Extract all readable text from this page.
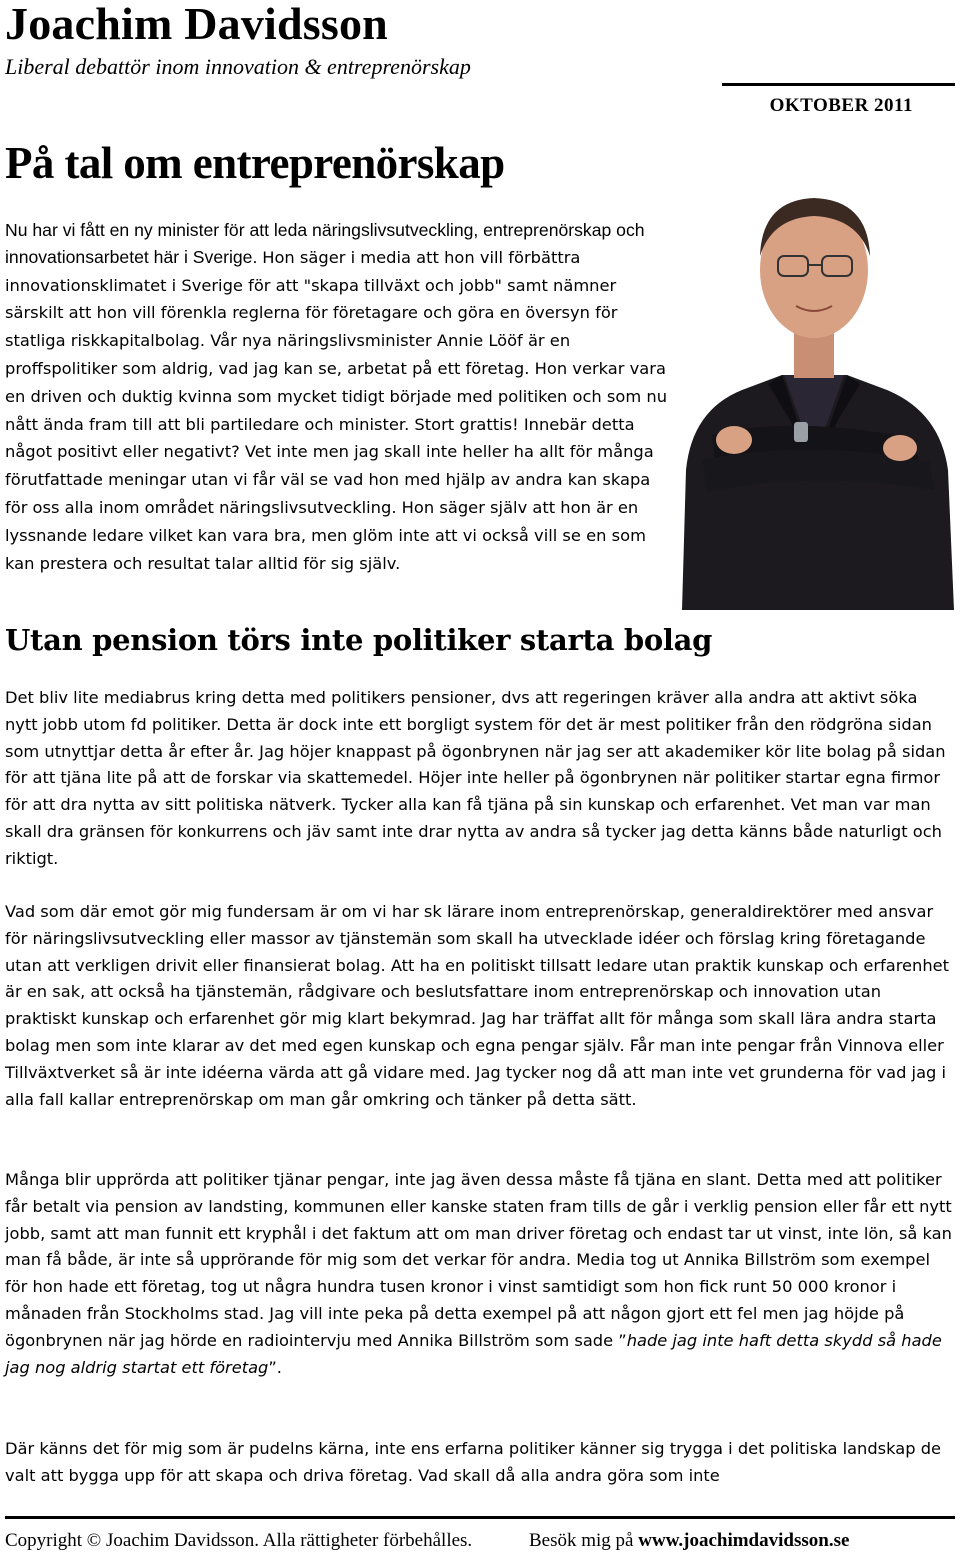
Joachim Davidsson
Liberal debattör inom innovation & entreprenörskap
OKTOBER 2011
På tal om entreprenörskap
Nu har vi fått en ny minister för att leda näringslivsutveckling, entreprenörskap och innovationsarbetet här i Sverige. Hon säger i media att hon vill förbättra innovationsklimatet i Sverige för att "skapa tillväxt och jobb" samt nämner särskilt att hon vill förenkla reglerna för företagare och göra en översyn för statliga riskkapitalbolag. Vår nya näringslivsminister Annie Lööf är en proffspolitiker som aldrig, vad jag kan se, arbetat på ett företag. Hon verkar vara en driven och duktig kvinna som mycket tidigt började med politiken och som nu nått ända fram till att bli partiledare och minister. Stort grattis! Innebär detta något positivt eller negativt? Vet inte men jag skall inte heller ha allt för många förutfattade meningar utan vi får väl se vad hon med hjälp av andra kan skapa för oss alla inom området näringslivsutveckling. Hon säger själv att hon är en lyssnande ledare vilket kan vara bra, men glöm inte att vi också vill se en som kan prestera och resultat talar alltid för sig själv.
Utan pension törs inte politiker starta bolag

Det bliv lite mediabrus kring detta med politikers pensioner, dvs att regeringen kräver alla andra att aktivt söka nytt jobb utom fd politiker. Detta är dock inte ett borgligt system för det är mest politiker från den rödgröna sidan som utnyttjar detta år efter år. Jag höjer knappast på ögonbrynen när jag ser att akademiker kör lite bolag på sidan för att tjäna lite på att de forskar via skattemedel. Höjer inte heller på ögonbrynen när politiker startar egna firmor för att dra nytta av sitt politiska nätverk. Tycker alla kan få tjäna på sin kunskap och erfarenhet. Vet man var man skall dra gränsen för konkurrens och jäv samt inte drar nytta av andra så tycker jag detta känns både naturligt och riktigt.

Vad som där emot gör mig fundersam är om vi har sk lärare inom entreprenörskap, generaldirektörer med ansvar för näringslivsutveckling eller massor av tjänstemän som skall ha utvecklade idéer och förslag kring företagande utan att verkligen drivit eller finansierat bolag. Att ha en politiskt tillsatt ledare utan praktik kunskap och erfarenhet är en sak, att också ha tjänstemän, rådgivare och beslutsfattare inom entreprenörskap och innovation utan praktiskt kunskap och erfarenhet gör mig klart bekymrad. Jag har träffat allt för många som skall lära andra starta bolag men som inte klarar av det med egen kunskap och egna pengar själv. Får man inte pengar från Vinnova eller Tillväxtverket så är inte idéerna värda att gå vidare med. Jag tycker nog då att man inte vet grunderna för vad jag i alla fall kallar entreprenörskap om man går omkring och tänker på detta sätt.

Många blir upprörda att politiker tjänar pengar, inte jag även dessa måste få tjäna en slant. Detta med att politiker får betalt via pension av landsting, kommunen eller kanske staten fram tills de går i verklig pension eller får ett nytt jobb, samt att man funnit ett kryphål i det faktum att om man driver företag och endast tar ut vinst, inte lön, så kan man få både, är inte så upprörande för mig som det verkar för andra. Media tog ut Annika Billström som exempel för hon hade ett företag, tog ut några hundra tusen kronor i vinst samtidigt som hon fick runt 50 000 kronor i månaden från Stockholms stad. Jag vill inte peka på detta exempel på att någon gjort ett fel men jag höjde på ögonbrynen när jag hörde en radiointervju med Annika Billström som sade ”hade jag inte haft detta skydd så hade jag nog aldrig startat ett företag”.

Där känns det för mig som är pudelns kärna, inte ens erfarna politiker känner sig trygga i det politiska landskap de valt att bygga upp för att skapa och driva företag. Vad skall då alla andra göra som inte

Copyright © Joachim Davidsson. Alla rättigheter förbehålles.	Besök mig på www.joachimdavidsson.se
